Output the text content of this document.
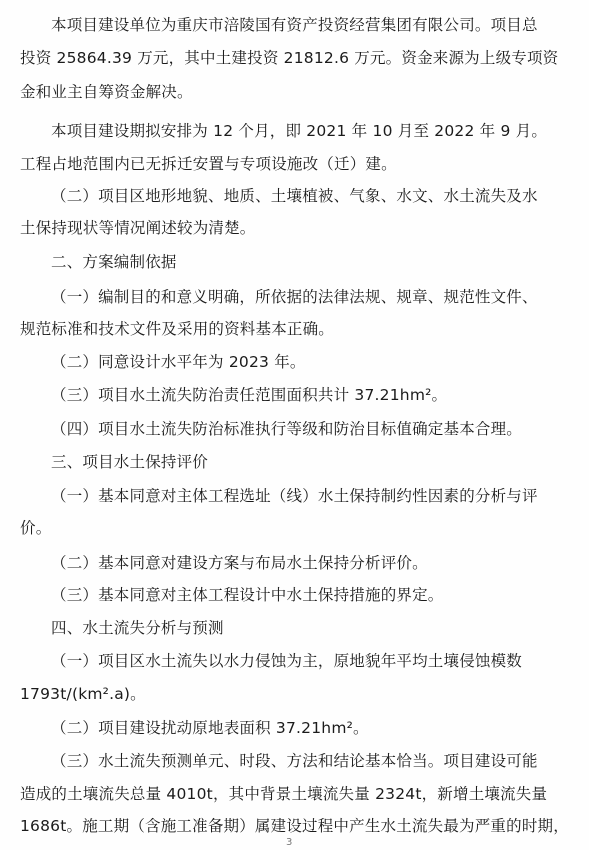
本项目建设单位为重庆市涪陵国有资产投资经营集团有限公司。项目总
投资 25864.39 万元，其中土建投资 21812.6 万元。资金来源为上级专项资
金和业主自筹资金解决。
本项目建设期拟安排为 12 个月，即 2021 年 10 月至 2022 年 9 月。
工程占地范围内已无拆迁安置与专项设施改（迁）建。
（二）项目区地形地貌、地质、土壤植被、气象、水文、水土流失及水
土保持现状等情况阐述较为清楚。
二、方案编制依据
（一）编制目的和意义明确，所依据的法律法规、规章、规范性文件、
规范标准和技术文件及采用的资料基本正确。
（二）同意设计水平年为 2023 年。
（三）项目水土流失防治责任范围面积共计 37.21hm²。
（四）项目水土流失防治标准执行等级和防治目标值确定基本合理。
三、项目水土保持评价
（一）基本同意对主体工程选址（线）水土保持制约性因素的分析与评
价。
（二）基本同意对建设方案与布局水土保持分析评价。
（三）基本同意对主体工程设计中水土保持措施的界定。
四、水土流失分析与预测
（一）项目区水土流失以水力侵蚀为主，原地貌年平均土壤侵蚀模数
1793t/(km².a)。
（二）项目建设扰动原地表面积 37.21hm²。
（三）水土流失预测单元、时段、方法和结论基本恰当。项目建设可能
造成的土壤流失总量 4010t，其中背景土壤流失量 2324t，新增土壤流失量
1686t。施工期（含施工准备期）属建设过程中产生水土流失最为严重的时期，
3
